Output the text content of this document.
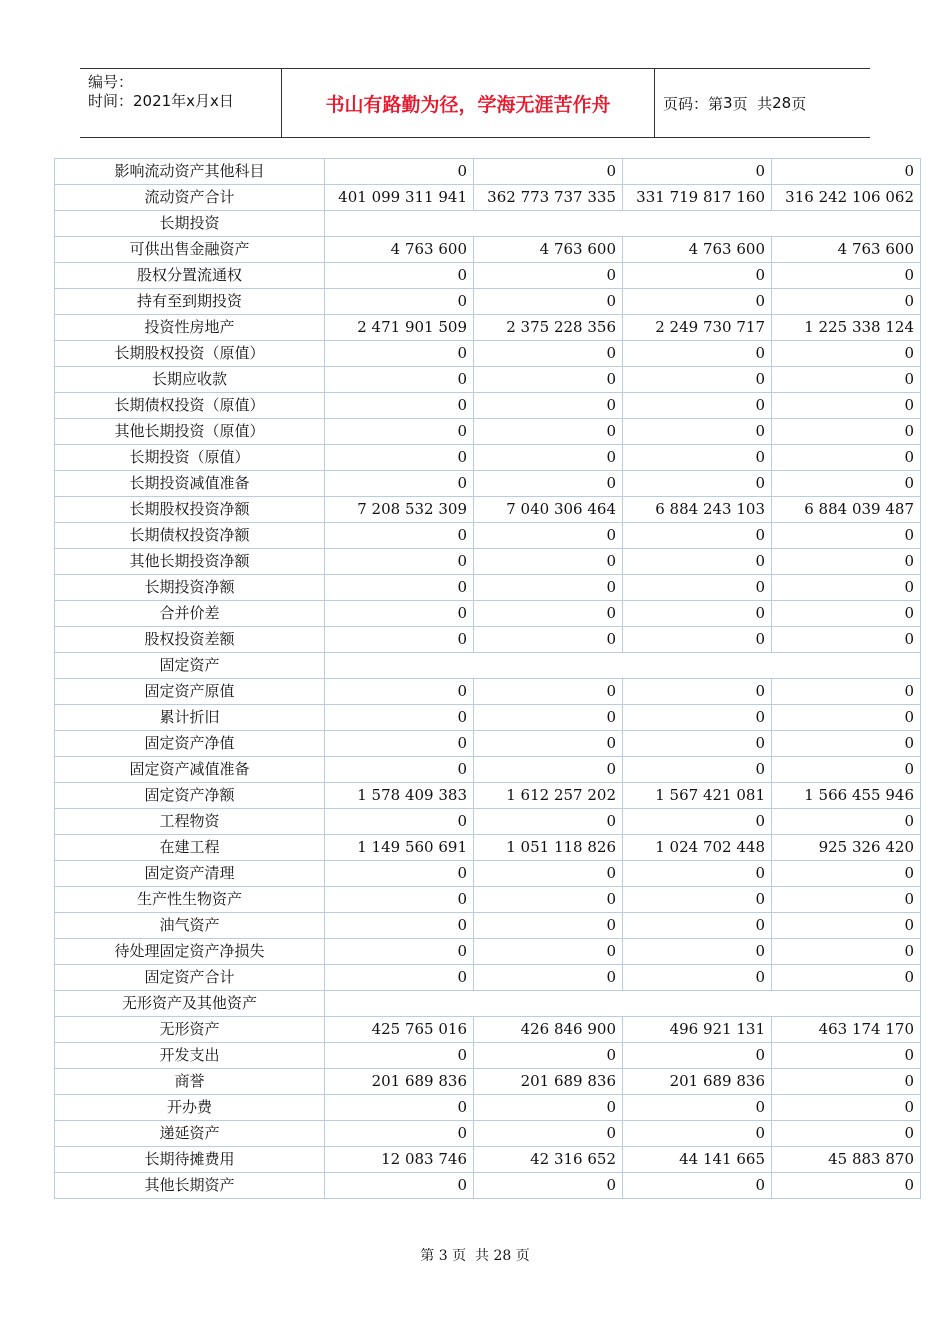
编号：
时间：2021年x月x日	书山有路勤为径，学海无涯苦作舟	页码：第 3 页  共 28 页
影响流动资产其他科目	0	0	0	0
流动资产合计	401 099 311 941	362 773 737 335	331 719 817 160	316 242 106 062
长期投资				
可供出售金融资产	4 763 600	4 763 600	4 763 600	4 763 600
股权分置流通权	0	0	0	0
持有至到期投资	0	0	0	0
投资性房地产	2 471 901 509	2 375 228 356	2 249 730 717	1 225 338 124
长期股权投资（原值）	0	0	0	0
长期应收款	0	0	0	0
长期债权投资（原值）	0	0	0	0
其他长期投资（原值）	0	0	0	0
长期投资（原值）	0	0	0	0
长期投资减值准备	0	0	0	0
长期股权投资净额	7 208 532 309	7 040 306 464	6 884 243 103	6 884 039 487
长期债权投资净额	0	0	0	0
其他长期投资净额	0	0	0	0
长期投资净额	0	0	0	0
合并价差	0	0	0	0
股权投资差额	0	0	0	0
固定资产				
固定资产原值	0	0	0	0
累计折旧	0	0	0	0
固定资产净值	0	0	0	0
固定资产减值准备	0	0	0	0
固定资产净额	1 578 409 383	1 612 257 202	1 567 421 081	1 566 455 946
工程物资	0	0	0	0
在建工程	1 149 560 691	1 051 118 826	1 024 702 448	925 326 420
固定资产清理	0	0	0	0
生产性生物资产	0	0	0	0
油气资产	0	0	0	0
待处理固定资产净损失	0	0	0	0
固定资产合计	0	0	0	0
无形资产及其他资产				
无形资产	425 765 016	426 846 900	496 921 131	463 174 170
开发支出	0	0	0	0
商誉	201 689 836	201 689 836	201 689 836	0
开办费	0	0	0	0
递延资产	0	0	0	0
长期待摊费用	12 083 746	42 316 652	44 141 665	45 883 870
其他长期资产	0	0	0	0
第 3 页  共 28 页
